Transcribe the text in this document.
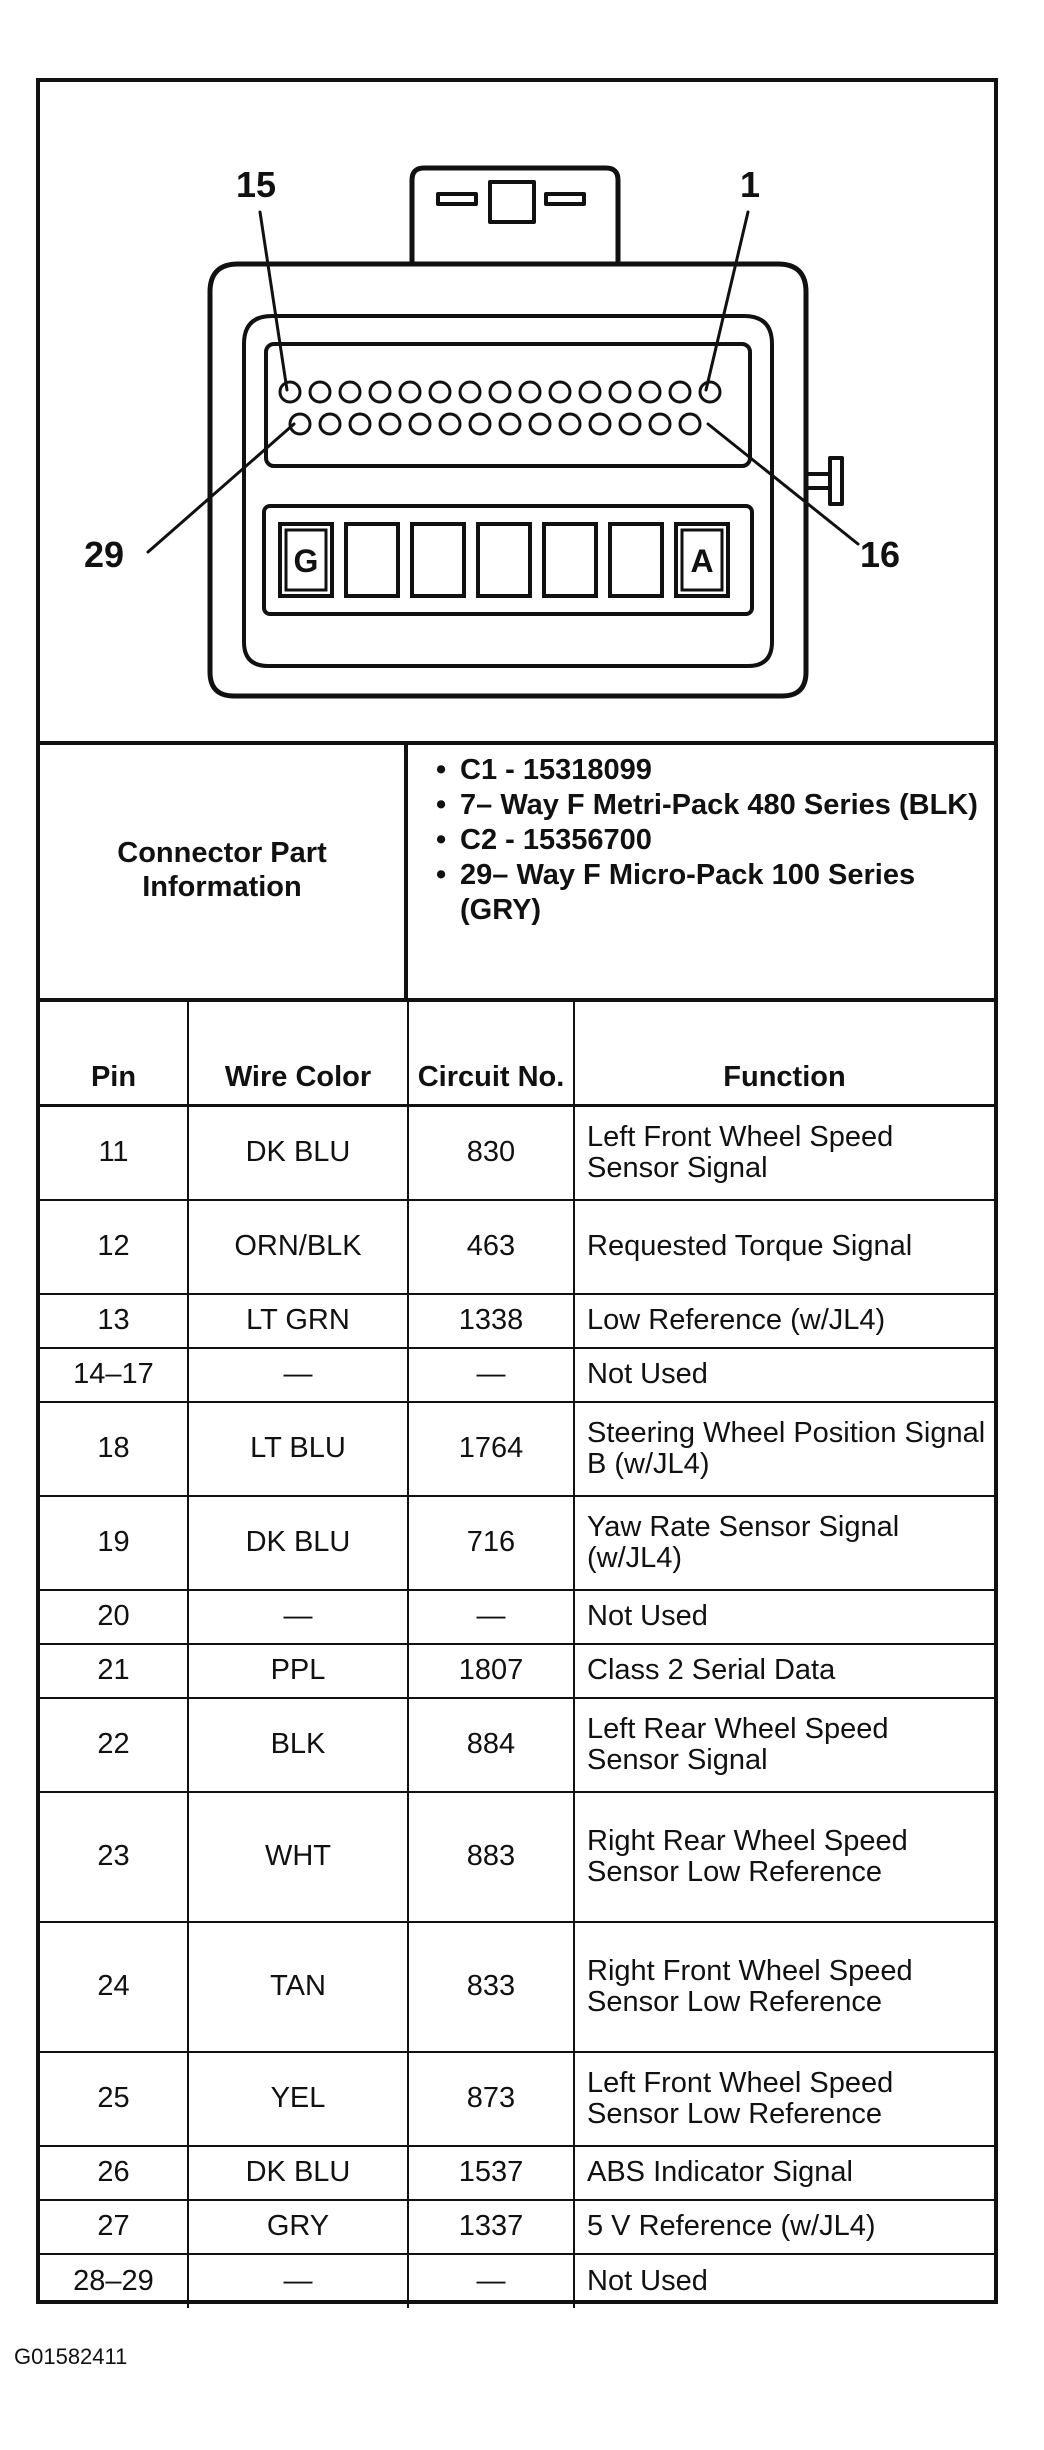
G	A
15	1
29	16
Connector Part Information
• C1 - 15318099
• 7– Way F Metri-Pack 480 Series (BLK)
• C2 - 15356700
• 29– Way F Micro-Pack 100 Series (GRY)
Pin	Wire Color	Circuit No.	Function
11	DK BLU	830	Left Front Wheel Speed Sensor Signal
12	ORN/BLK	463	Requested Torque Signal
13	LT GRN	1338	Low Reference (w/JL4)
14–17	—	—	Not Used
18	LT BLU	1764	Steering Wheel Position Signal B (w/JL4)
19	DK BLU	716	Yaw Rate Sensor Signal (w/JL4)
20	—	—	Not Used
21	PPL	1807	Class 2 Serial Data
22	BLK	884	Left Rear Wheel Speed Sensor Signal
23	WHT	883	Right Rear Wheel Speed Sensor Low Reference
24	TAN	833	Right Front Wheel Speed Sensor Low Reference
25	YEL	873	Left Front Wheel Speed Sensor Low Reference
26	DK BLU	1537	ABS Indicator Signal
27	GRY	1337	5 V Reference (w/JL4)
28–29	—	—	Not Used
G01582411
